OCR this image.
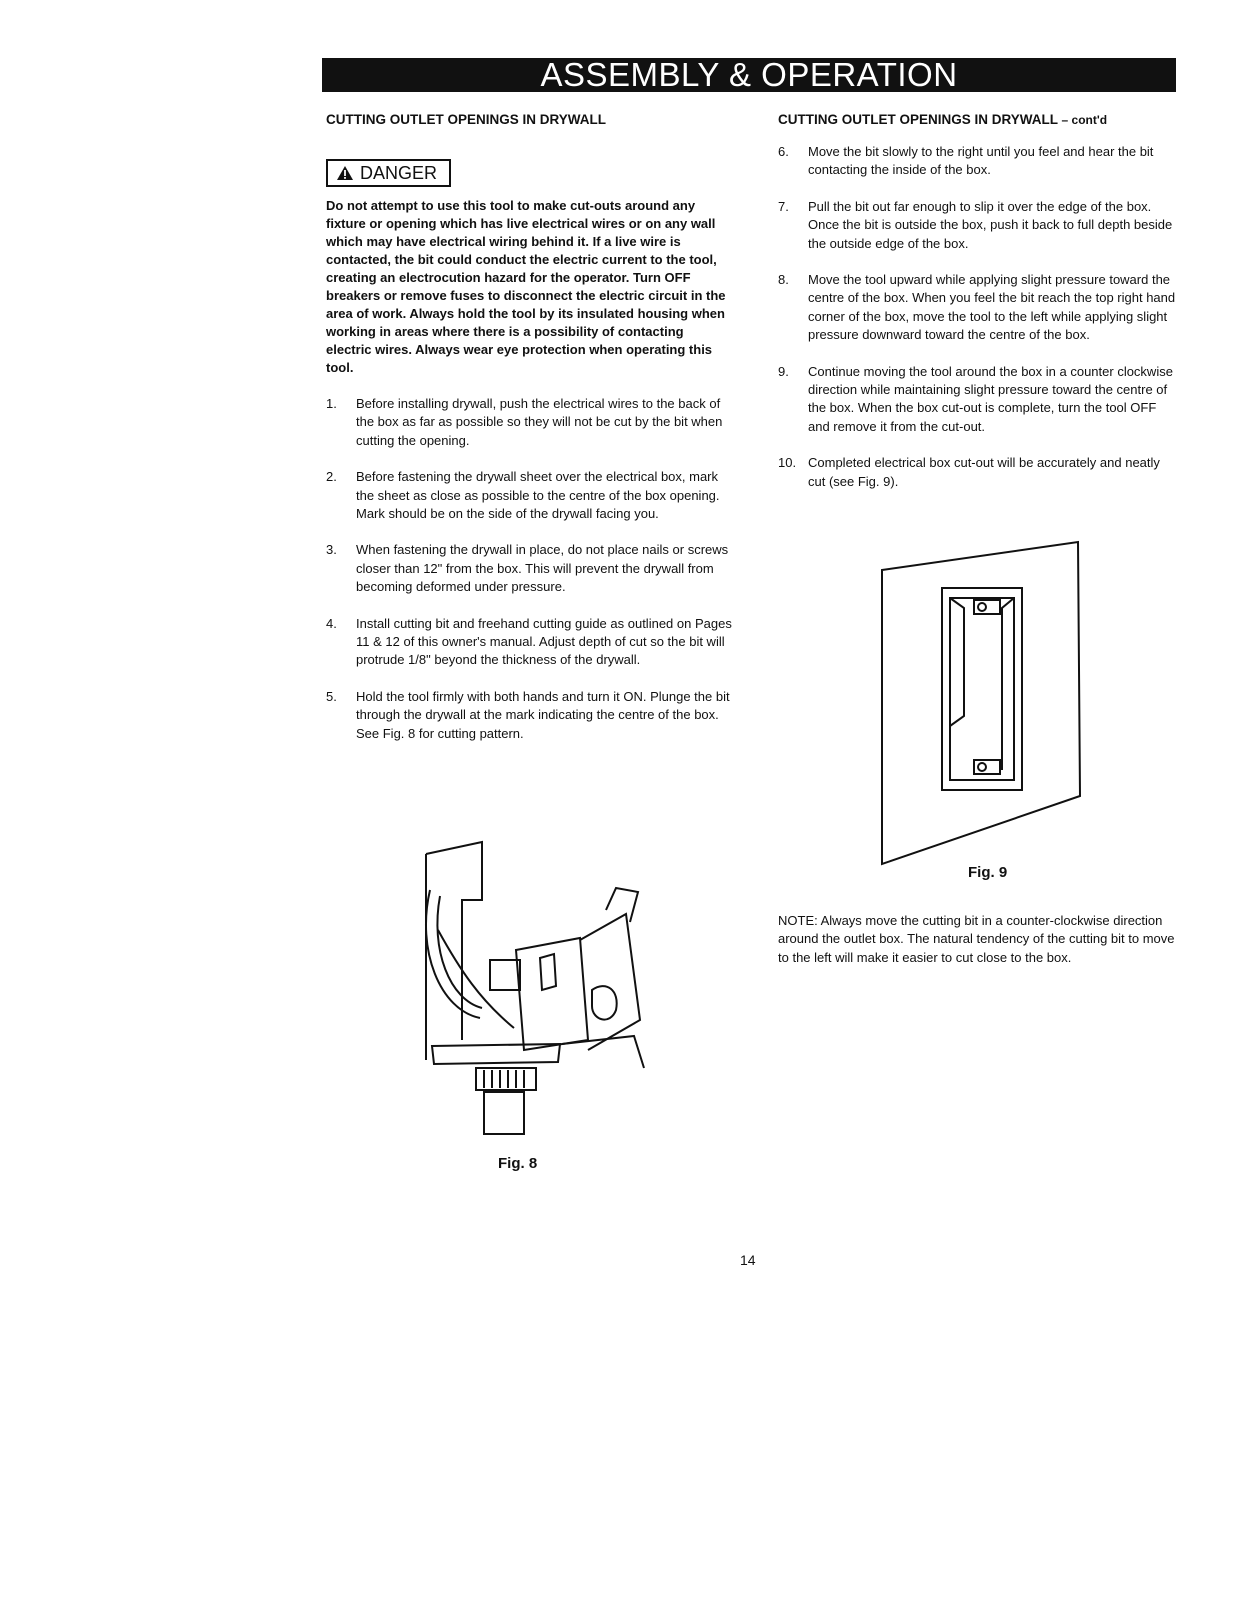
ASSEMBLY & OPERATION

CUTTING OUTLET OPENINGS IN DRYWALL

DANGER

Do not attempt to use this tool to make cut-outs around any fixture or opening which has live electrical wires or on any wall which may have electrical wiring behind it. If a live wire is contacted, the bit could conduct the electric current to the tool, creating an electrocution hazard for the operator. Turn OFF breakers or remove fuses to disconnect the electric circuit in the area of work. Always hold the tool by its insulated housing when working in areas where there is a possibility of contacting electric wires. Always wear eye protection when operating this tool.

1. Before installing drywall, push the electrical wires to the back of the box as far as possible so they will not be cut by the bit when cutting the opening.
2. Before fastening the drywall sheet over the electrical box, mark the sheet as close as possible to the centre of the box opening. Mark should be on the side of the drywall facing you.
3. When fastening the drywall in place, do not place nails or screws closer than 12" from the box. This will prevent the drywall from becoming deformed under pressure.
4. Install cutting bit and freehand cutting guide as outlined on Pages 11 & 12 of this owner's manual. Adjust depth of cut so the bit will protrude 1/8" beyond the thickness of the drywall.
5. Hold the tool firmly with both hands and turn it ON. Plunge the bit through the drywall at the mark indicating the centre of the box. See Fig. 8 for cutting pattern.
Fig. 8

CUTTING OUTLET OPENINGS IN DRYWALL – cont'd

6. Move the bit slowly to the right until you feel and hear the bit contacting the inside of the box.
7. Pull the bit out far enough to slip it over the edge of the box. Once the bit is outside the box, push it back to full depth beside the outside edge of the box.
8. Move the tool upward while applying slight pressure toward the centre of the box. When you feel the bit reach the top right hand corner of the box, move the tool to the left while applying slight pressure downward toward the centre of the box.
9. Continue moving the tool around the box in a counter clockwise direction while maintaining slight pressure toward the centre of the box. When the box cut-out is complete, turn the tool OFF and remove it from the cut-out.
10. Completed electrical box cut-out will be accurately and neatly cut (see Fig. 9).
Fig. 9

NOTE: Always move the cutting bit in a counter-clockwise direction around the outlet box. The natural tendency of the cutting bit to move to the left will make it easier to cut close to the box.

14
